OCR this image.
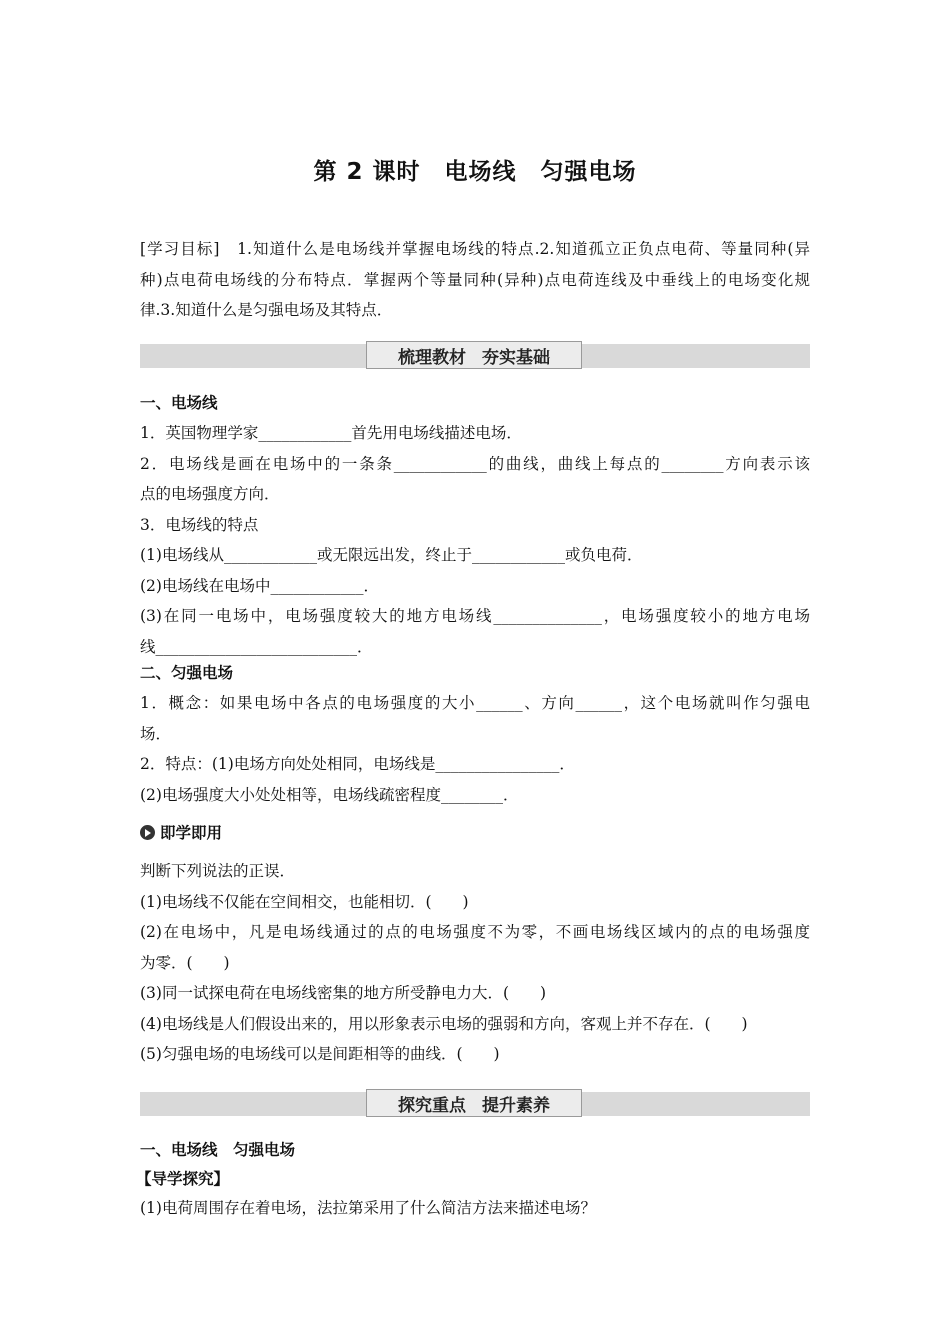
第 2 课时　电场线　匀强电场
[学习目标]　1.知道什么是电场线并掌握电场线的特点.2.知道孤立正负点电荷、等量同种(异
种)点电荷电场线的分布特点．掌握两个等量同种(异种)点电荷连线及中垂线上的电场变化规
律.3.知道什么是匀强电场及其特点．
梳理教材 夯实基础
一、电场线
1．英国物理学家____________首先用电场线描述电场．
2．电场线是画在电场中的一条条____________的曲线，曲线上每点的________方向表示该
点的电场强度方向．
3．电场线的特点
(1)电场线从____________或无限远出发，终止于____________或负电荷．
(2)电场线在电场中____________．
(3)在同一电场中，电场强度较大的地方电场线______________，电场强度较小的地方电场
线__________________________．
二、匀强电场
1．概念：如果电场中各点的电场强度的大小______、方向______，这个电场就叫作匀强电
场．
2．特点：(1)电场方向处处相同，电场线是________________．
(2)电场强度大小处处相等，电场线疏密程度________．
即学即用
判断下列说法的正误．
(1)电场线不仅能在空间相交，也能相切．(　　)
(2)在电场中，凡是电场线通过的点的电场强度不为零，不画电场线区域内的点的电场强度
为零．(　　)
(3)同一试探电荷在电场线密集的地方所受静电力大．(　　)
(4)电场线是人们假设出来的，用以形象表示电场的强弱和方向，客观上并不存在．(　　)
(5)匀强电场的电场线可以是间距相等的曲线．(　　)
探究重点 提升素养
一、电场线　匀强电场
【导学探究】
(1)电荷周围存在着电场，法拉第采用了什么简洁方法来描述电场？
